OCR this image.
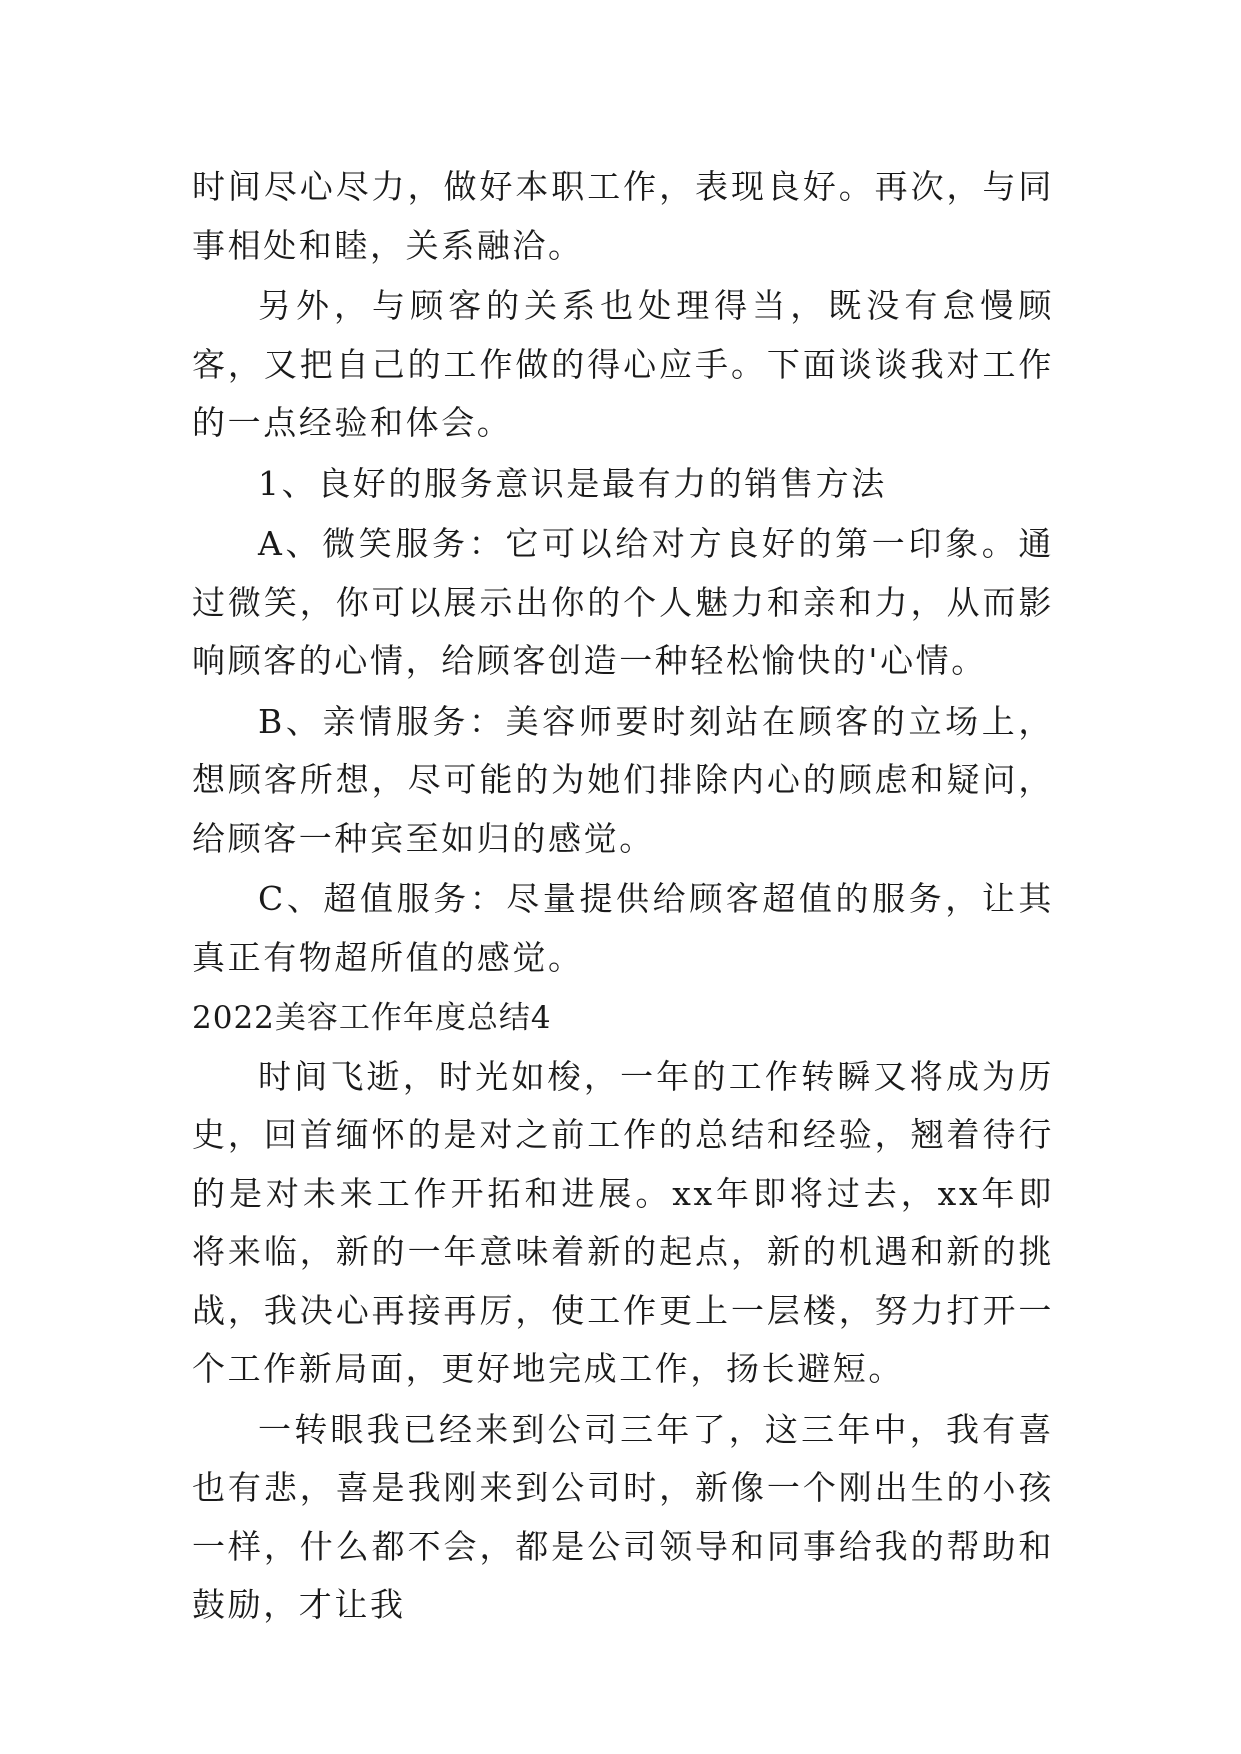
时间尽心尽力，做好本职工作，表现良好。再次，与同事相处和睦，关系融洽。

另外，与顾客的关系也处理得当，既没有怠慢顾客，又把自己的工作做的得心应手。下面谈谈我对工作的一点经验和体会。

1、良好的服务意识是最有力的销售方法

A、微笑服务：它可以给对方良好的第一印象。通过微笑，你可以展示出你的个人魅力和亲和力，从而影响顾客的心情，给顾客创造一种轻松愉快的'心情。

B、亲情服务：美容师要时刻站在顾客的立场上，想顾客所想，尽可能的为她们排除内心的顾虑和疑问，给顾客一种宾至如归的感觉。

C、超值服务：尽量提供给顾客超值的服务，让其真正有物超所值的感觉。

2022美容工作年度总结4

时间飞逝，时光如梭，一年的工作转瞬又将成为历史，回首缅怀的是对之前工作的总结和经验，翘着待行的是对未来工作开拓和进展。xx年即将过去，xx年即将来临，新的一年意味着新的起点，新的机遇和新的挑战，我决心再接再厉，使工作更上一层楼，努力打开一个工作新局面，更好地完成工作，扬长避短。

一转眼我已经来到公司三年了，这三年中，我有喜也有悲，喜是我刚来到公司时，新像一个刚出生的小孩一样，什么都不会，都是公司领导和同事给我的帮助和鼓励，才让我
